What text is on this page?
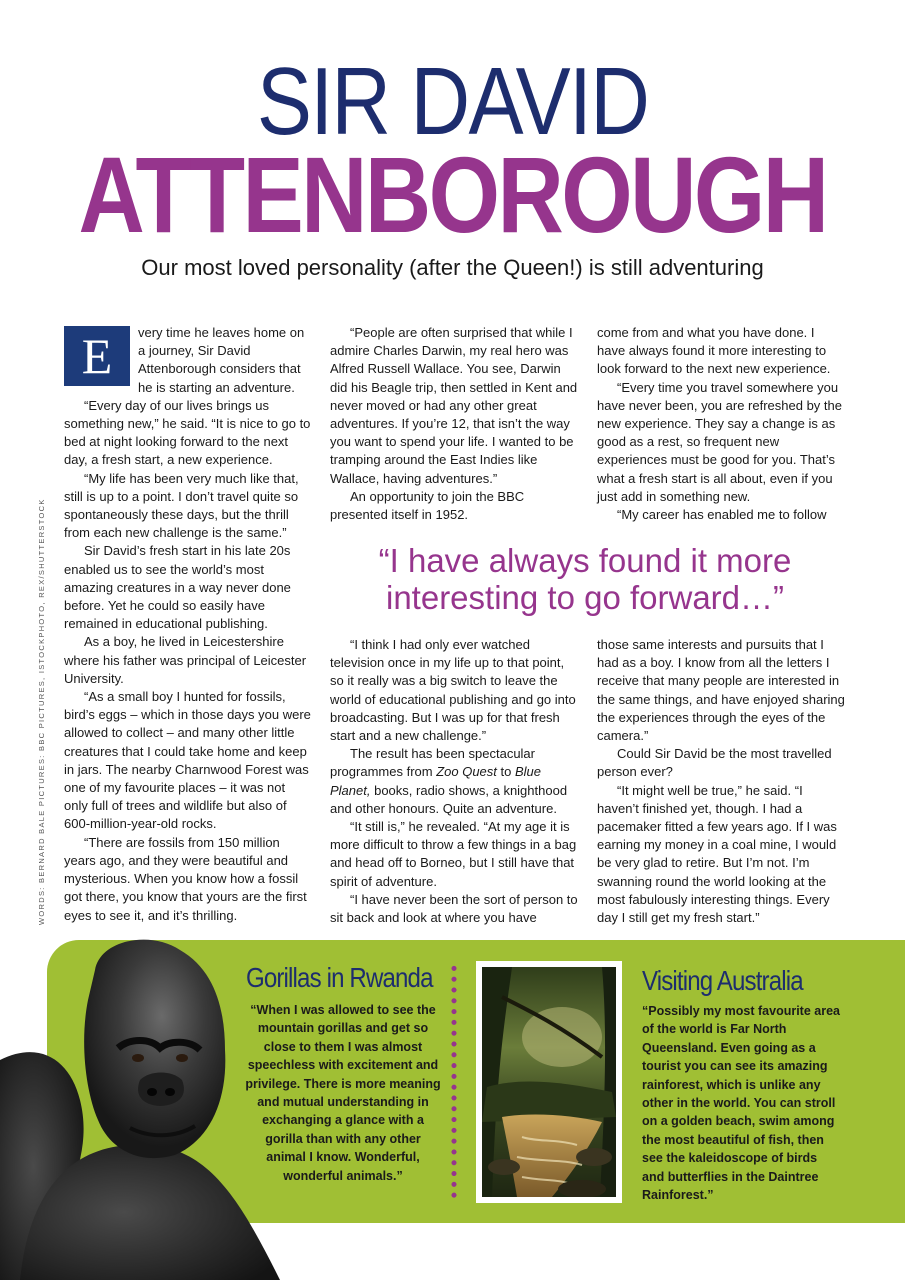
SIR DAVID
ATTENBOROUGH
Our most loved personality (after the Queen!) is still adventuring
WORDS: BERNARD BALE PICTURES: BBC PICTURES, ISTOCKPHOTO, REX/SHUTTERSTOCK
E	very time he leaves home on a journey, Sir David Attenborough considers that he is starting an adventure.

“Every day of our lives brings us something new,” he said. “It is nice to go to bed at night looking forward to the next day, a fresh start, a new experience.

“My life has been very much like that, still is up to a point. I don’t travel quite so spontaneously these days, but the thrill from each new challenge is the same.”

Sir David’s fresh start in his late 20s enabled us to see the world’s most amazing creatures in a way never done before. Yet he could so easily have remained in educational publishing.

As a boy, he lived in Leicestershire where his father was principal of Leicester University.

“As a small boy I hunted for fossils, bird’s eggs – which in those days you were allowed to collect – and many other little creatures that I could take home and keep in jars. The nearby Charnwood Forest was one of my favourite places – it was not only full of trees and wildlife but also of 600-million-year-old rocks.

“There are fossils from 150 million years ago, and they were beautiful and mysterious. When you know how a fossil got there, you know that yours are the first eyes to see it, and it’s thrilling.

“People are often surprised that while I admire Charles Darwin, my real hero was Alfred Russell Wallace. You see, Darwin did his Beagle trip, then settled in Kent and never moved or had any other great adventures. If you’re 12, that isn’t the way you want to spend your life. I wanted to be tramping around the East Indies like Wallace, having adventures.”

An opportunity to join the BBC presented itself in 1952.

come from and what you have done. I have always found it more interesting to look forward to the next new experience.

“Every time you travel somewhere you have never been, you are refreshed by the new experience. They say a change is as good as a rest, so frequent new experiences must be good for you. That’s what a fresh start is all about, even if you just add in something new.

“My career has enabled me to follow

“I have always found it more interesting to go forward…”

“I think I had only ever watched television once in my life up to that point, so it really was a big switch to leave the world of educational publishing and go into broadcasting. But I was up for that fresh start and a new challenge.”

The result has been spectacular programmes from Zoo Quest to Blue Planet, books, radio shows, a knighthood and other honours. Quite an adventure.

“It still is,” he revealed. “At my age it is more difficult to throw a few things in a bag and head off to Borneo, but I still have that spirit of adventure.

“I have never been the sort of person to sit back and look at where you have

those same interests and pursuits that I had as a boy. I know from all the letters I receive that many people are interested in the same things, and have enjoyed sharing the experiences through the eyes of the camera.”

Could Sir David be the most travelled person ever?

“It might well be true,” he said. “I haven’t finished yet, though. I had a pacemaker fitted a few years ago. If I was earning my money in a coal mine, I would be very glad to retire. But I’m not. I’m swanning round the world looking at the most fabulously interesting things. Every day I still get my fresh start.”

Gorillas in Rwanda
“When I was allowed to see the mountain gorillas and get so close to them I was almost speechless with excitement and privilege. There is more meaning and mutual understanding in exchanging a glance with a gorilla than with any other animal I know. Wonderful, wonderful animals.”
Visiting Australia
“Possibly my most favourite area of the world is Far North Queensland. Even going as a tourist you can see its amazing rainforest, which is unlike any other in the world. You can stroll on a golden beach, swim among the most beautiful of fish, then see the kaleidoscope of birds and butterflies in the Daintree Rainforest.”
